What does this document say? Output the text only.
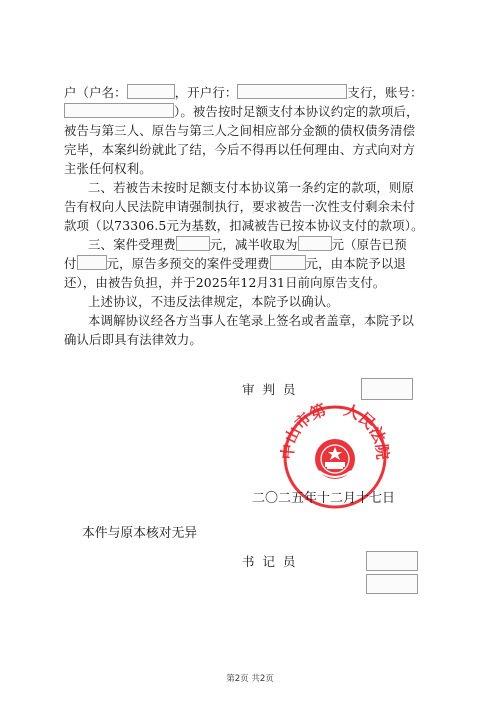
户（户名：	，开户行：	支行，账号：
）。被告按时足额支付本协议约定的款项后，
被告与第三人、原告与第三人之间相应部分金额的债权债务清偿
完毕，本案纠纷就此了结，今后不得再以任何理由、方式向对方
主张任何权利。
二、若被告未按时足额支付本协议第一条约定的款项，则原
告有权向人民法院申请强制执行，要求被告一次性支付剩余未付
款项（以73306.5元为基数，扣减被告已按本协议支付的款项）。
三、案件受理费	元，减半收取为	元（原告已预
付 元，原告多预交的案件受理费	元，由本院予以退
还），由被告负担，并于2025年12月31日前向原告支付。
上述协议，不违反法律规定，本院予以确认。
本调解协议经各方当事人在笔录上签名或者盖章，本院予以
确认后即具有法律效力。
审  判  员
中山市第一人民法院
二〇二五年十二月十七日
本件与原本核对无异
书  记  员
第2页 共2页
